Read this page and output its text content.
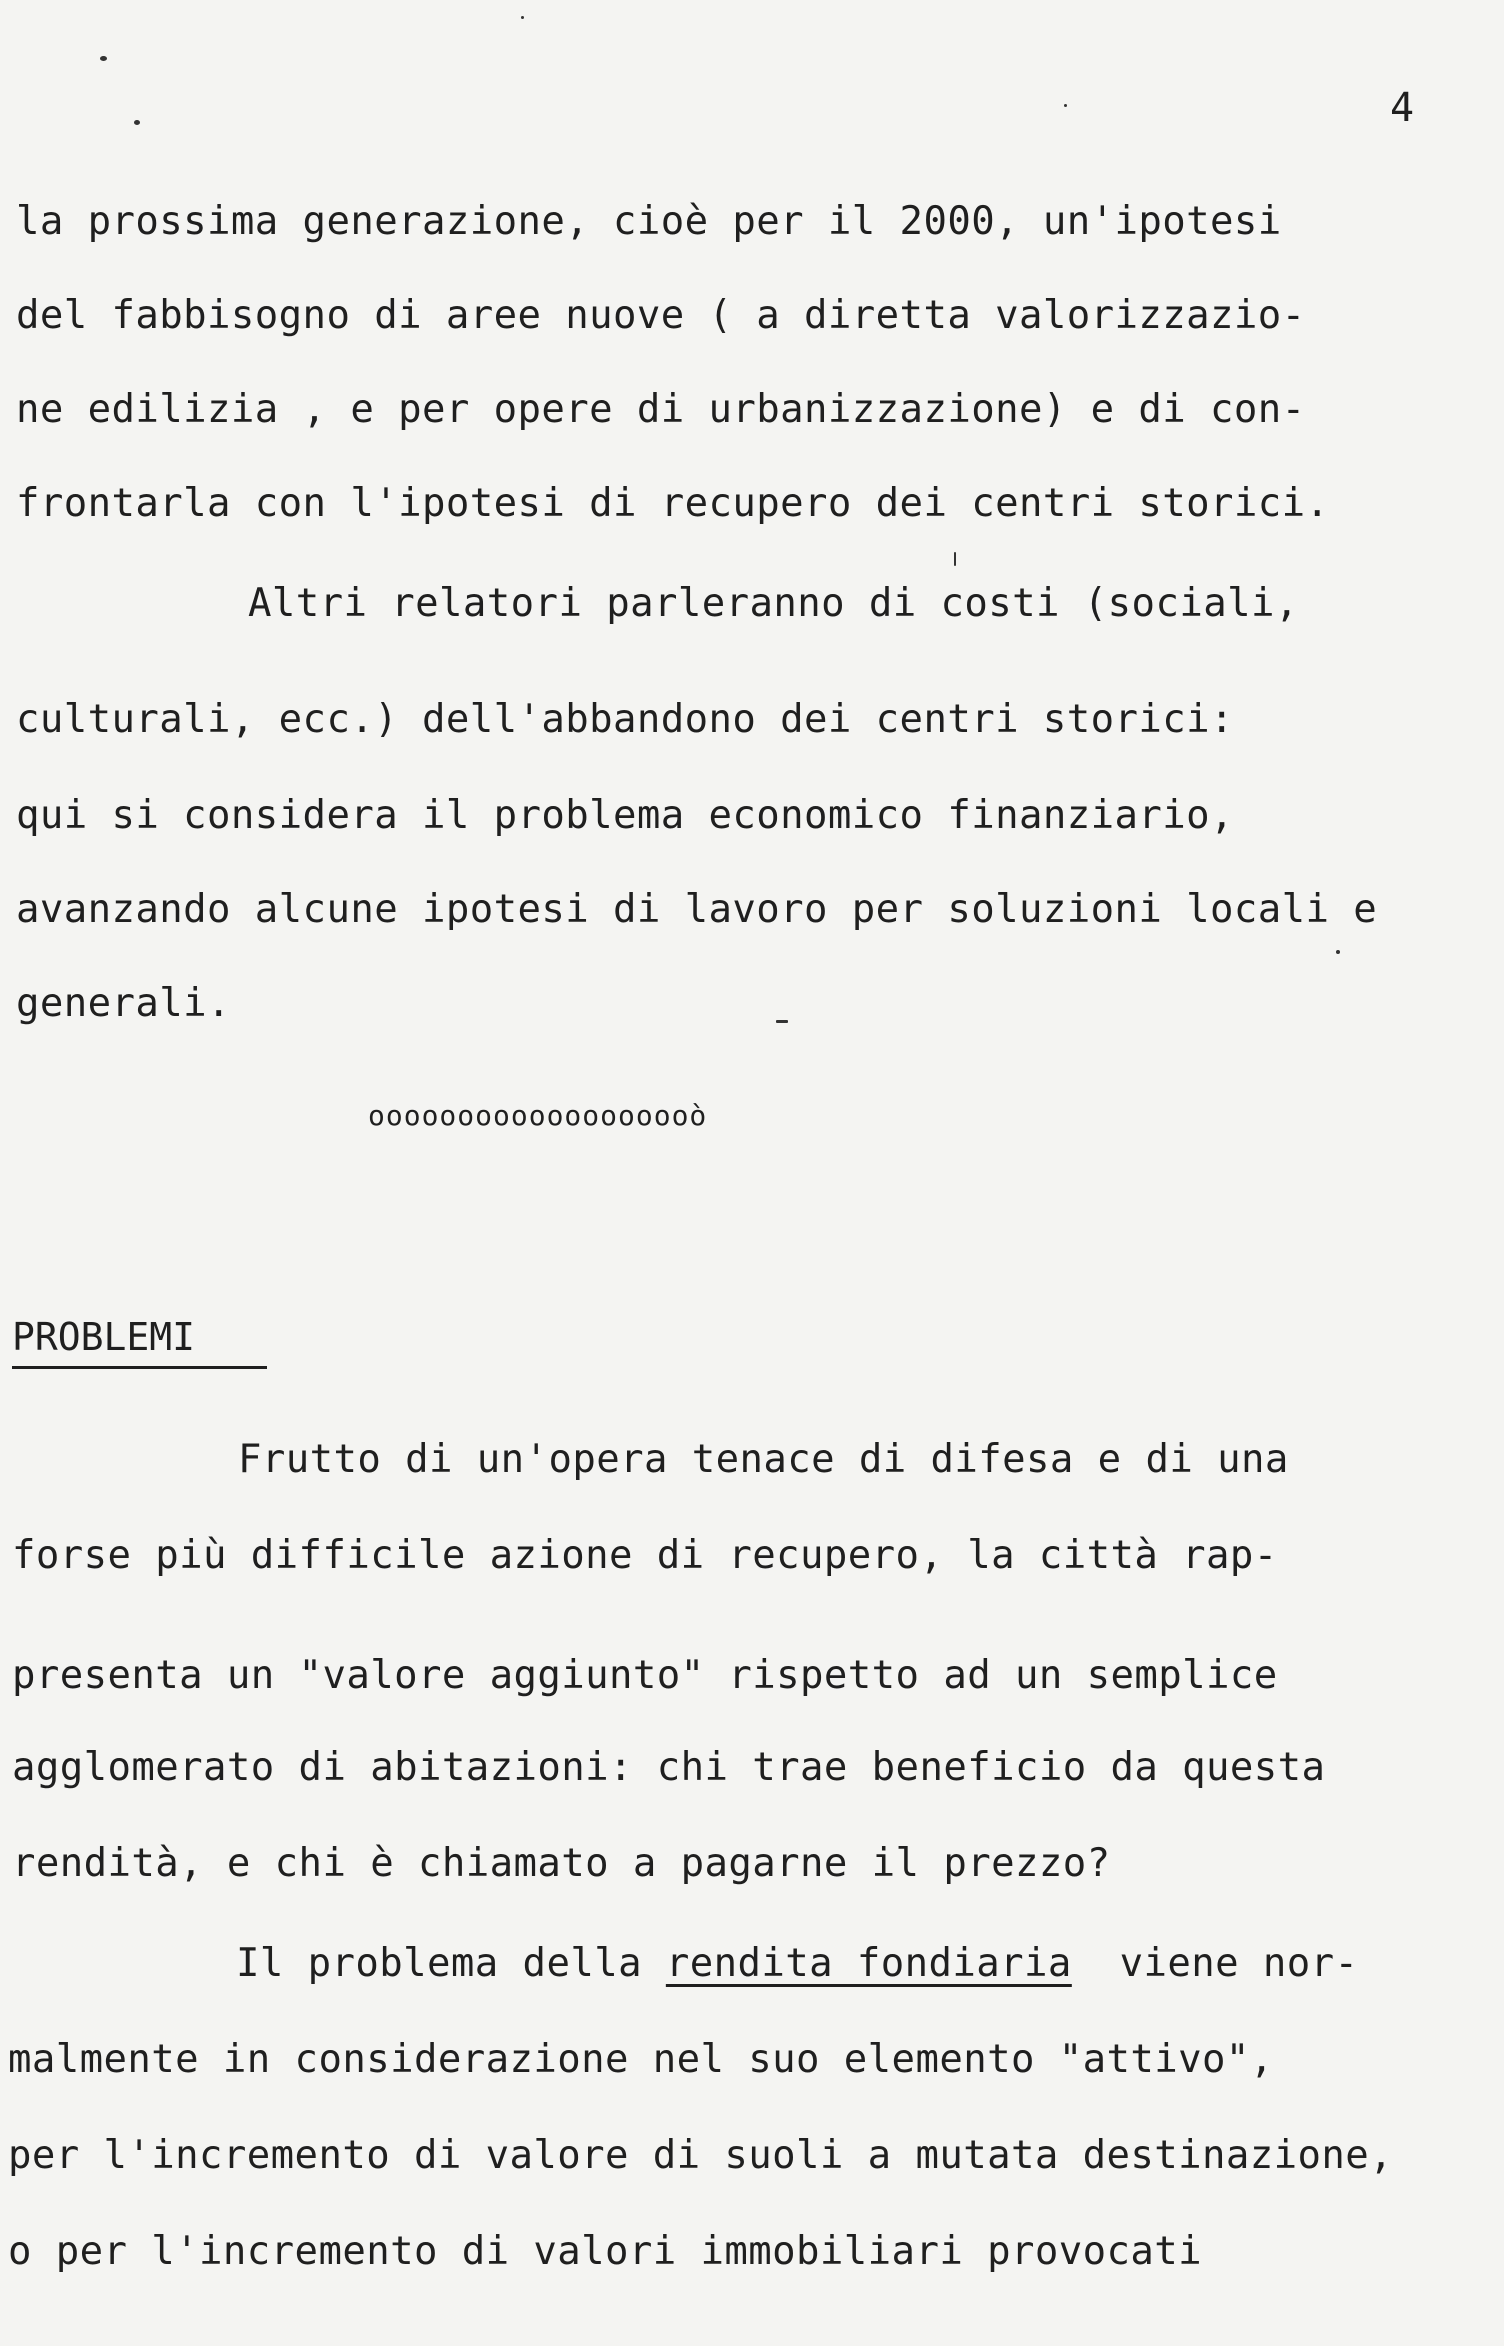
4
la prossima generazione, cioè per il 2000, un'ipotesi
del fabbisogno di aree nuove ( a diretta valorizzazio-
ne edilizia , e per opere di urbanizzazione) e di con-
frontarla con l'ipotesi di recupero dei centri storici.
Altri relatori parleranno di costi (sociali,
culturali, ecc.) dell'abbandono dei centri storici:
qui si considera il problema economico finanziario,
avanzando alcune ipotesi di lavoro per soluzioni locali e
generali.
ooooooooooooooooooò
PROBLEMI
Frutto di un'opera tenace di difesa e di una
forse più difficile azione di recupero, la città rap-
presenta un "valore aggiunto" rispetto ad un semplice
agglomerato di abitazioni: chi trae beneficio da questa
rendità, e chi è chiamato a pagarne il prezzo?
Il problema della rendita fondiaria  viene nor-
malmente in considerazione nel suo elemento "attivo",
per l'incremento di valore di suoli a mutata destinazione,
o per l'incremento di valori immobiliari provocati
